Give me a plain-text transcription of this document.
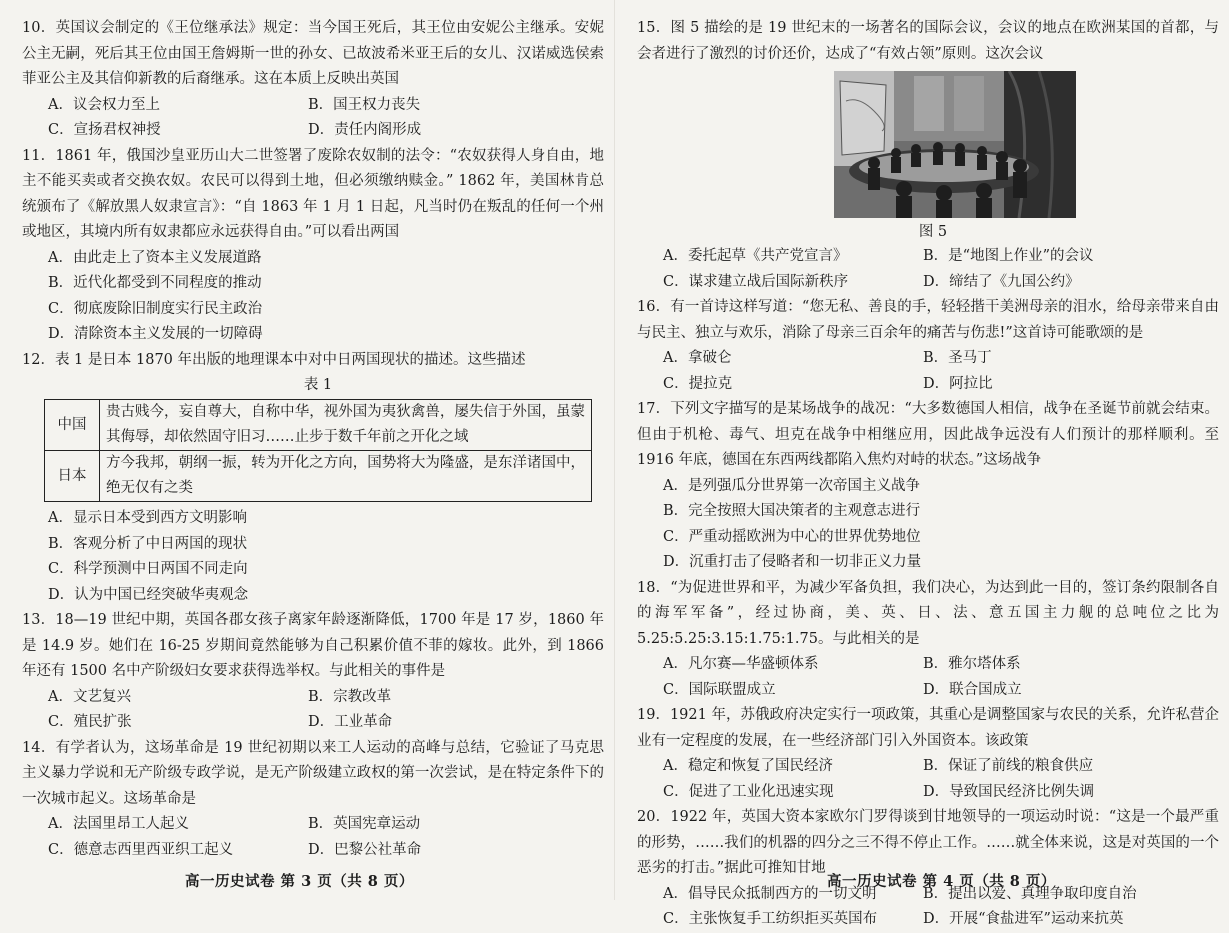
10．英国议会制定的《王位继承法》规定：当今国王死后，其王位由安妮公主继承。安妮公主无嗣，死后其王位由国王詹姆斯一世的孙女、已故波希米亚王后的女儿、汉诺威选侯索菲亚公主及其信仰新教的后裔继承。这在本质上反映出英国

A．议会权力至上	B．国王权力丧失
C．宣扬君权神授	D．责任内阁形成

11．1861 年，俄国沙皇亚历山大二世签署了废除农奴制的法令：“农奴获得人身自由，地主不能买卖或者交换农奴。农民可以得到土地，但必须缴纳赎金。” 1862 年，美国林肯总统颁布了《解放黑人奴隶宣言》：“自 1863 年 1 月 1 日起，凡当时仍在叛乱的任何一个州或地区，其境内所有奴隶都应永远获得自由。”可以看出两国

A．由此走上了资本主义发展道路
B．近代化都受到不同程度的推动
C．彻底废除旧制度实行民主政治
D．清除资本主义发展的一切障碍

12．表 1 是日本 1870 年出版的地理课本中对中日两国现状的描述。这些描述

表 1
中国	贵古贱今，妄自尊大，自称中华，视外国为夷狄禽兽，屡失信于外国，虽蒙其侮辱，却依然固守旧习……止步于数千年前之开化之域
日本	方今我邦，朝纲一振，转为开化之方向，国势将大为隆盛，是东洋诸国中，绝无仅有之类
A．显示日本受到西方文明影响
B．客观分析了中日两国的现状
C．科学预测中日两国不同走向
D．认为中国已经突破华夷观念

13．18—19 世纪中期，英国各郡女孩子离家年龄逐渐降低，1700 年是 17 岁，1860 年是 14.9 岁。她们在 16-25 岁期间竟然能够为自己积累价值不菲的嫁妆。此外，到 1866 年还有 1500 名中产阶级妇女要求获得选举权。与此相关的事件是

A．文艺复兴	B．宗教改革
C．殖民扩张	D．工业革命

14．有学者认为，这场革命是 19 世纪初期以来工人运动的高峰与总结，它验证了马克思主义暴力学说和无产阶级专政学说，是无产阶级建立政权的第一次尝试，是在特定条件下的一次城市起义。这场革命是

A．法国里昂工人起义	B．英国宪章运动
C．德意志西里西亚织工起义	D．巴黎公社革命
高一历史试卷 第 3 页（共 8 页）

15．图 5 描绘的是 19 世纪末的一场著名的国际会议，会议的地点在欧洲某国的首都，与会者进行了激烈的讨价还价，达成了“有效占领”原则。这次会议

图 5
A．委托起草《共产党宣言》	B．是“地图上作业”的会议
C．谋求建立战后国际新秩序	D．缔结了《九国公约》

16．有一首诗这样写道：“您无私、善良的手，轻轻揩干美洲母亲的泪水，给母亲带来自由与民主、独立与欢乐，消除了母亲三百余年的痛苦与伤悲!”这首诗可能歌颂的是

A．拿破仑	B．圣马丁
C．提拉克	D．阿拉比

17．下列文字描写的是某场战争的战况：“大多数德国人相信，战争在圣诞节前就会结束。但由于机枪、毒气、坦克在战争中相继应用，因此战争远没有人们预计的那样顺利。至 1916 年底，德国在东西两线都陷入焦灼对峙的状态。”这场战争

A．是列强瓜分世界第一次帝国主义战争
B．完全按照大国决策者的主观意志进行
C．严重动摇欧洲为中心的世界优势地位
D．沉重打击了侵略者和一切非正义力量

18．“为促进世界和平，为减少军备负担，我们决心，为达到此一目的，签订条约限制各自的海军军备”，经过协商，美、英、日、法、意五国主力舰的总吨位之比为 5.25:5.25:3.15:1.75:1.75。与此相关的是

A．凡尔赛—华盛顿体系	B．雅尔塔体系
C．国际联盟成立	D．联合国成立

19．1921 年，苏俄政府决定实行一项政策，其重心是调整国家与农民的关系，允许私营企业有一定程度的发展，在一些经济部门引入外国资本。该政策

A．稳定和恢复了国民经济	B．保证了前线的粮食供应
C．促进了工业化迅速实现	D．导致国民经济比例失调

20．1922 年，英国大资本家欧尔门罗得谈到甘地领导的一项运动时说：“这是一个最严重的形势，……我们的机器的四分之三不得不停止工作。……就全体来说，这是对英国的一个恶劣的打击。”据此可推知甘地

A．倡导民众抵制西方的一切文明	B．提出以爱、真理争取印度自治
C．主张恢复手工纺织拒买英国布	D．开展“食盐进军”运动来抗英
高一历史试卷 第 4 页（共 8 页）
